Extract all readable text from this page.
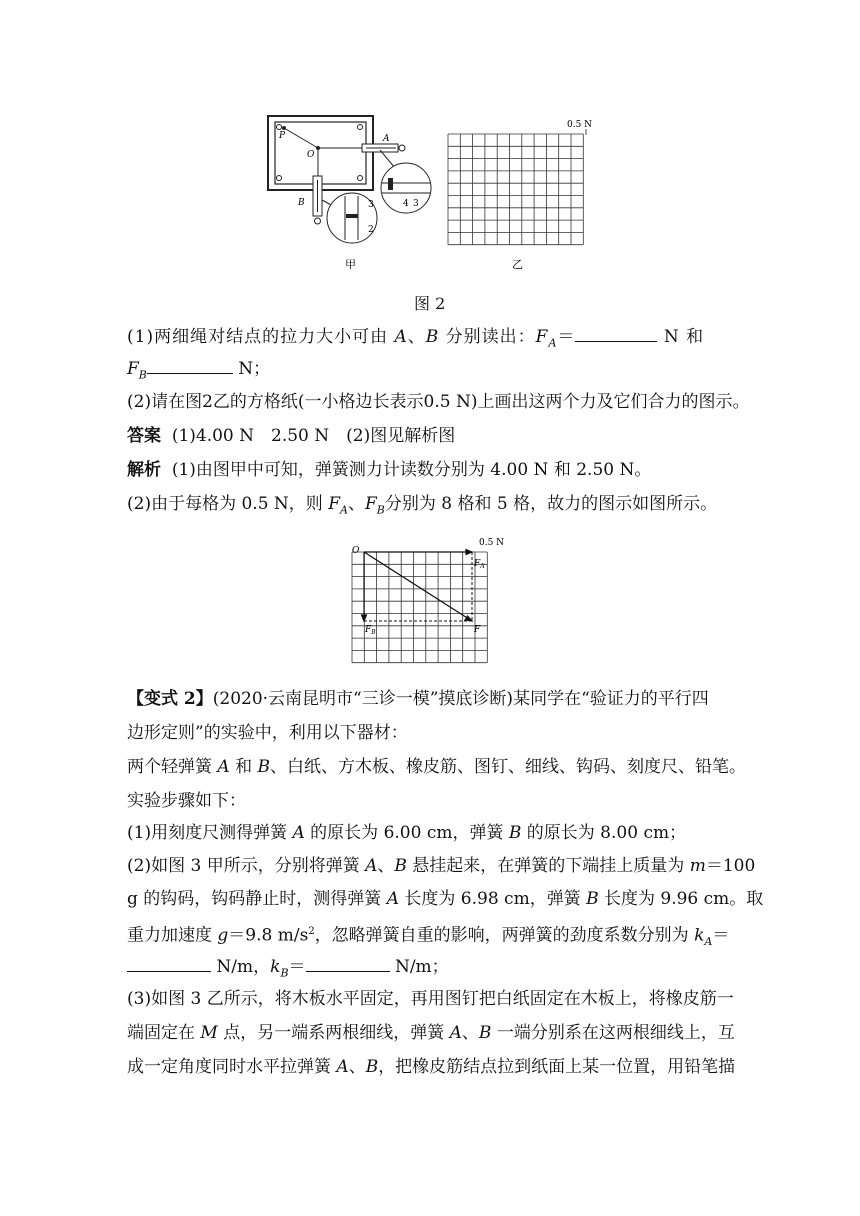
P
O
A
B	4 3
3
2
0.5 N
甲	乙
图 2
(1)两细绳对结点的拉力大小可由 A、B 分别读出：$F_A=$	N 和
$F_B$	N；
(2)请在图2乙的方格纸(一小格边长表示0.5 N)上画出这两个力及它们合力的图示。
答案 (1)4.00 N　2.50 N　(2)图见解析图
解析 (1)由图甲中可知，弹簧测力计读数分别为 4.00 N 和 2.50 N。
(2)由于每格为 0.5 N，则 $F_A$、$F_B$分别为 8 格和 5 格，故力的图示如图所示。
O
0.5 N
$F_A$
$F_B$	F
【变式 2】(2020·云南昆明市“三诊一模”摸底诊断)某同学在“验证力的平行四
边形定则”的实验中，利用以下器材：
两个轻弹簧 A 和 B、白纸、方木板、橡皮筋、图钉、细线、钩码、刻度尺、铅笔。
实验步骤如下：
(1)用刻度尺测得弹簧 A 的原长为 6.00 cm，弹簧 B 的原长为 8.00 cm；
(2)如图 3 甲所示，分别将弹簧 A、B 悬挂起来，在弹簧的下端挂上质量为 m＝100
g 的钩码，钩码静止时，测得弹簧 A 长度为 6.98 cm，弹簧 B 长度为 9.96 cm。取
重力加速度 g＝9.8 $m/s^2$，忽略弹簧自重的影响，两弹簧的劲度系数分别为 $k_A=$
N/m，$k_B=$	N/m；
(3)如图 3 乙所示，将木板水平固定，再用图钉把白纸固定在木板上，将橡皮筋一
端固定在 M 点，另一端系两根细线，弹簧 A、B 一端分别系在这两根细线上，互
成一定角度同时水平拉弹簧 A、B，把橡皮筋结点拉到纸面上某一位置，用铅笔描
